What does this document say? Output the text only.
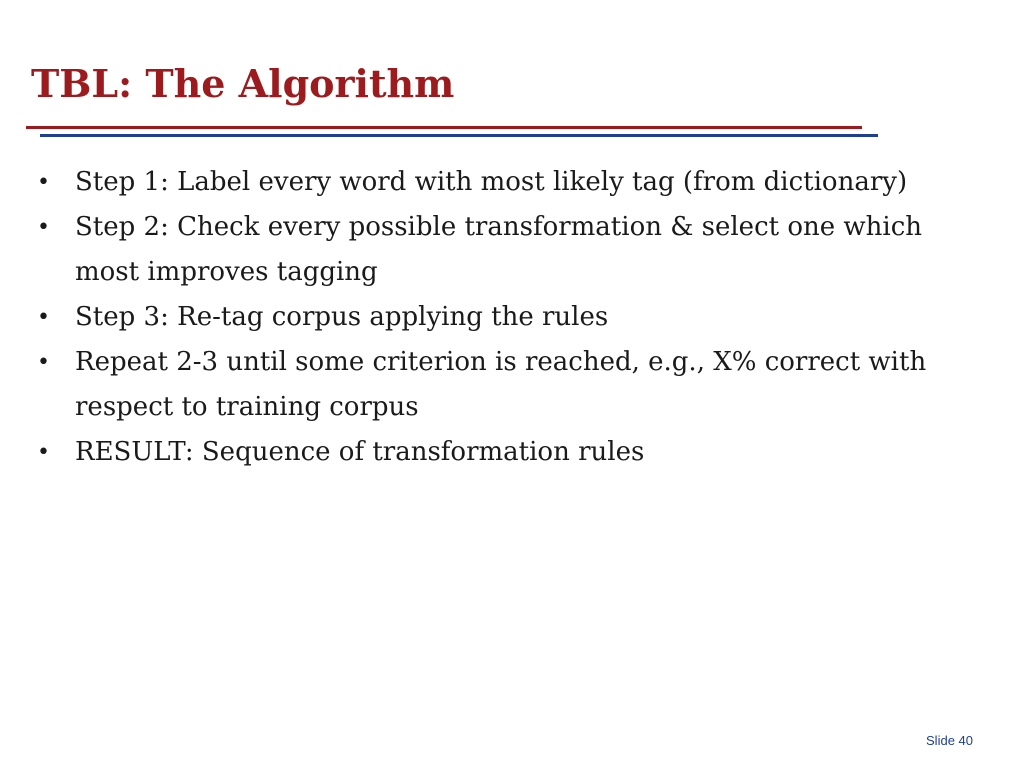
TBL: The Algorithm
• Step 1: Label every word with most likely tag (from dictionary)
• Step 2: Check every possible transformation & select one which most improves tagging
• Step 3: Re-tag corpus applying the rules
• Repeat 2-3 until some criterion is reached, e.g., X% correct with respect to training corpus
• RESULT: Sequence of transformation rules
Slide 40
